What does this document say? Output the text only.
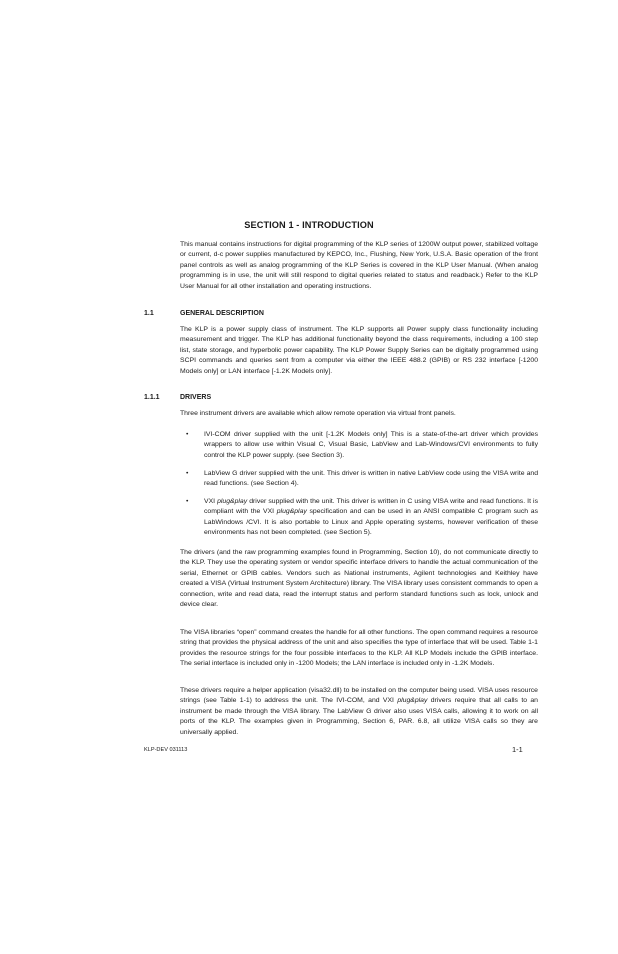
SECTION 1 - INTRODUCTION

This manual contains instructions for digital programming of the KLP series of 1200W output power, stabilized voltage or current, d-c power supplies manufactured by KEPCO, Inc., Flushing, New York, U.S.A. Basic operation of the front panel controls as well as analog programming of the KLP Series is covered in the KLP User Manual. (When analog programming is in use, the unit will still respond to digital queries related to status and readback.) Refer to the KLP User Manual for all other installation and operating instructions.

1.1	GENERAL DESCRIPTION

The KLP is a power supply class of instrument. The KLP supports all Power supply class functionality including measurement and trigger. The KLP has additional functionality beyond the class requirements, including a 100 step list, state storage, and hyperbolic power capability. The KLP Power Supply Series can be digitally programmed using SCPI commands and queries sent from a computer via either the IEEE 488.2 (GPIB) or RS 232 interface [-1200 Models only] or LAN interface [-1.2K Models only].

1.1.1	DRIVERS

Three instrument drivers are available which allow remote operation via virtual front panels.

• IVI-COM driver supplied with the unit [-1.2K Models only] This is a state-of-the-art driver which provides wrappers to allow use within Visual C, Visual Basic, LabView and Lab-Windows/CVI environments to fully control the KLP power supply. (see Section 3).
• LabView G driver supplied with the unit. This driver is written in native LabView code using the VISA write and read functions. (see Section 4).
• VXI plug&play driver supplied with the unit. This driver is written in C using VISA write and read functions. It is compliant with the VXI plug&play specification and can be used in an ANSI compatible C program such as LabWindows /CVI. It is also portable to Linux and Apple operating systems, however verification of these environments has not been completed. (see Section 5).

The drivers (and the raw programming examples found in Programming, Section 10), do not communicate directly to the KLP. They use the operating system or vendor specific interface drivers to handle the actual communication of the serial, Ethernet or GPIB cables. Vendors such as National instruments, Agilent technologies and Keithley have created a VISA (Virtual Instrument System Architecture) library. The VISA library uses consistent commands to open a connection, write and read data, read the interrupt status and perform standard functions such as lock, unlock and device clear.

The VISA libraries “open” command creates the handle for all other functions. The open command requires a resource string that provides the physical address of the unit and also specifies the type of interface that will be used. Table 1-1 provides the resource strings for the four possible interfaces to the KLP. All KLP Models include the GPIB interface. The serial interface is included only in -1200 Models; the LAN interface is included only in -1.2K Models.

These drivers require a helper application (visa32.dll) to be installed on the computer being used. VISA uses resource strings (see Table 1-1) to address the unit. The IVI-COM, and VXI plug&play drivers require that all calls to an instrument be made through the VISA library. The LabView G driver also uses VISA calls, allowing it to work on all ports of the KLP. The examples given in Programming, Section 6, PAR. 6.8, all utilize VISA calls so they are universally applied.

KLP-DEV 031113	1-1
